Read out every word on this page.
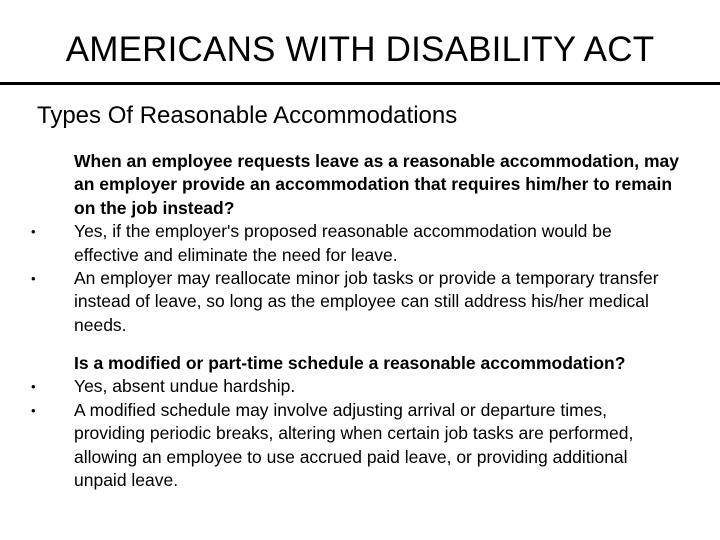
AMERICANS WITH DISABILITY ACT
Types Of Reasonable Accommodations

When an employee requests leave as a reasonable accommodation, may an employer provide an accommodation that requires him/her to remain on the job instead?

• Yes, if the employer's proposed reasonable accommodation would be effective and eliminate the need for leave.

• An employer may reallocate minor job tasks or provide a temporary transfer instead of leave, so long as the employee can still address his/her medical needs.

Is a modified or part-time schedule a reasonable accommodation?

• Yes, absent undue hardship.

• A modified schedule may involve adjusting arrival or departure times, providing periodic breaks, altering when certain job tasks are performed, allowing an employee to use accrued paid leave, or providing additional unpaid leave.
